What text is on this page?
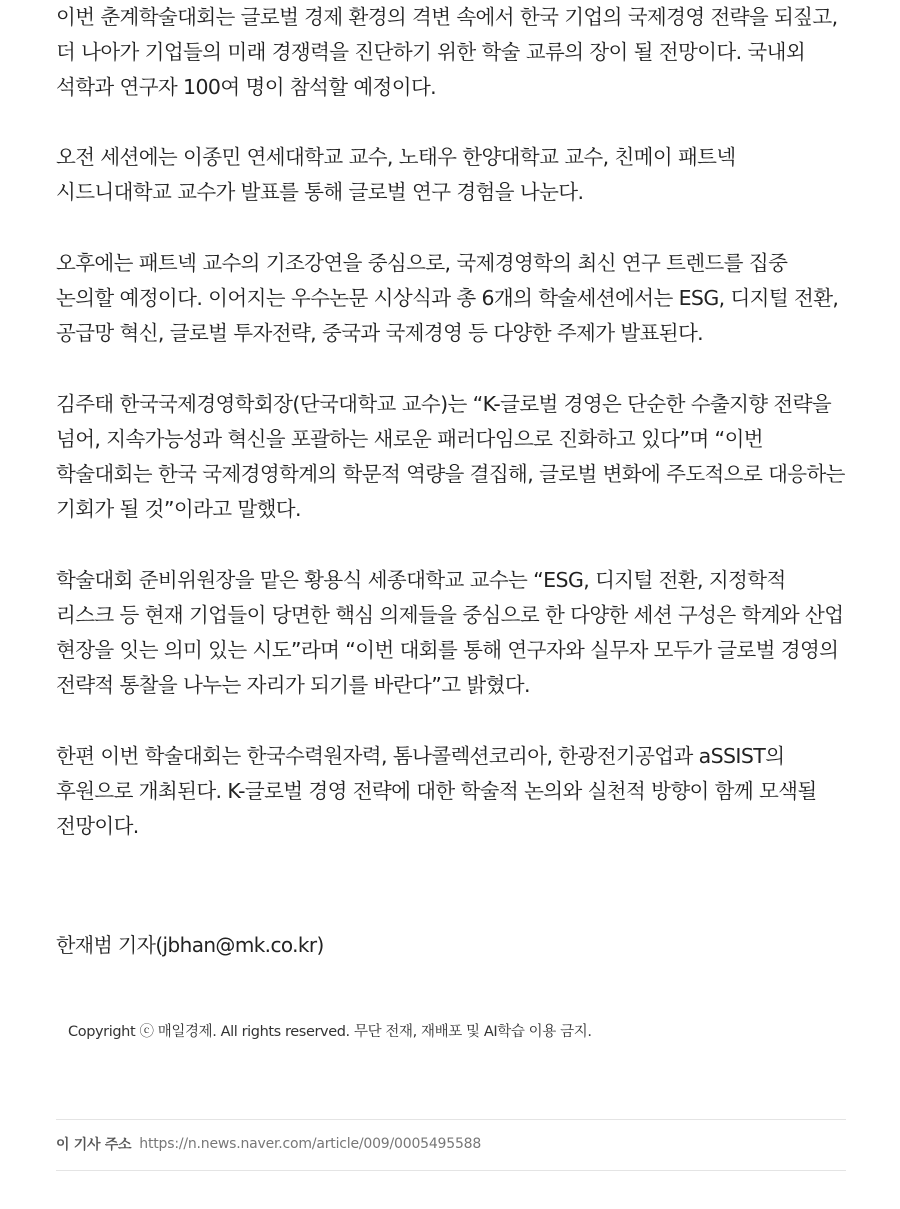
이번 춘계학술대회는 글로벌 경제 환경의 격변 속에서 한국 기업의 국제경영 전략을 되짚고, 더 나아가 기업들의 미래 경쟁력을 진단하기 위한 학술 교류의 장이 될 전망이다. 국내외 석학과 연구자 100여 명이 참석할 예정이다.

오전 세션에는 이종민 연세대학교 교수, 노태우 한양대학교 교수, 친메이 패트넥 시드니대학교 교수가 발표를 통해 글로벌 연구 경험을 나눈다.

오후에는 패트넥 교수의 기조강연을 중심으로, 국제경영학의 최신 연구 트렌드를 집중 논의할 예정이다. 이어지는 우수논문 시상식과 총 6개의 학술세션에서는 ESG, 디지털 전환, 공급망 혁신, 글로벌 투자전략, 중국과 국제경영 등 다양한 주제가 발표된다.

김주태 한국국제경영학회장(단국대학교 교수)는 “K-글로벌 경영은 단순한 수출지향 전략을 넘어, 지속가능성과 혁신을 포괄하는 새로운 패러다임으로 진화하고 있다”며 “이번 학술대회는 한국 국제경영학계의 학문적 역량을 결집해, 글로벌 변화에 주도적으로 대응하는 기회가 될 것”이라고 말했다.

학술대회 준비위원장을 맡은 황용식 세종대학교 교수는 “ESG, 디지털 전환, 지정학적 리스크 등 현재 기업들이 당면한 핵심 의제들을 중심으로 한 다양한 세션 구성은 학계와 산업 현장을 잇는 의미 있는 시도”라며 “이번 대회를 통해 연구자와 실무자 모두가 글로벌 경영의 전략적 통찰을 나누는 자리가 되기를 바란다”고 밝혔다.

한편 이번 학술대회는 한국수력원자력, 톰나콜렉션코리아, 한광전기공업과 aSSIST의 후원으로 개최된다. K-글로벌 경영 전략에 대한 학술적 논의와 실천적 방향이 함께 모색될 전망이다.

한재범 기자(jbhan@mk.co.kr)
Copyright ⓒ 매일경제. All rights reserved. 무단 전재, 재배포 및 AI학습 이용 금지.
이 기사 주소 https://n.news.naver.com/article/009/0005495588
